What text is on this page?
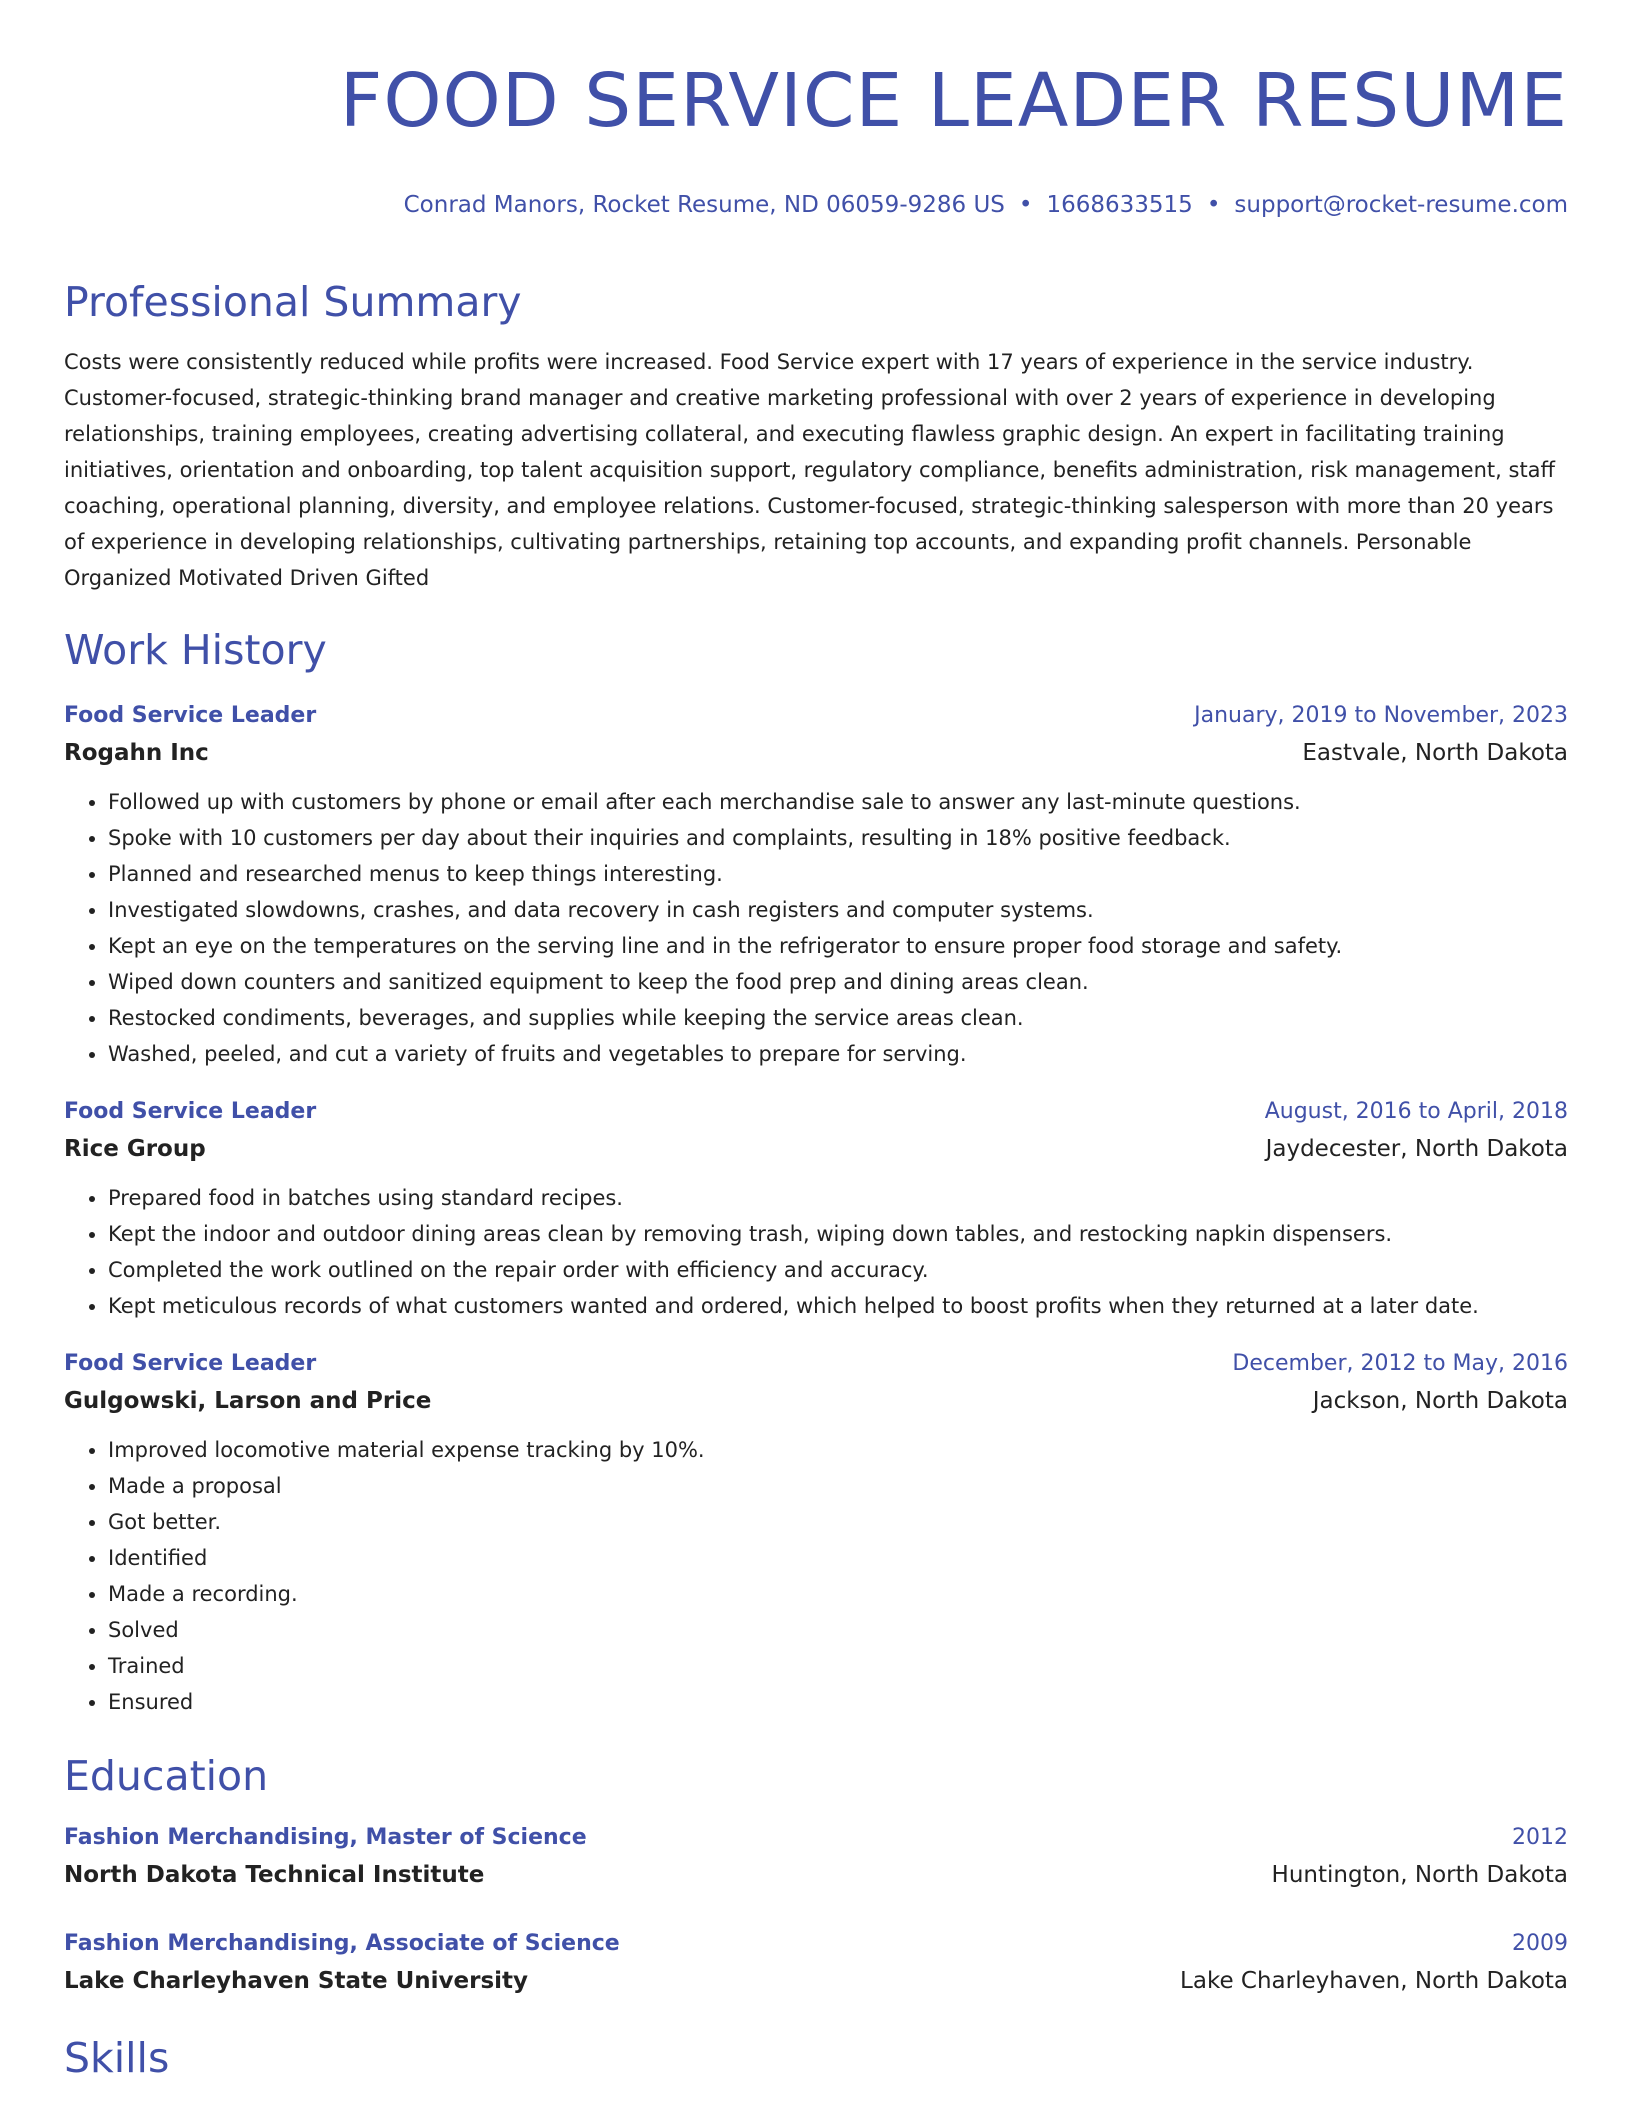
FOOD SERVICE LEADER RESUME
Conrad Manors, Rocket Resume, ND 06059-9286 US • 1668633515 • support@rocket-resume.com
Professional Summary

Costs were consistently reduced while profits were increased. Food Service expert with 17 years of experience in the service industry. Customer-focused, strategic-thinking brand manager and creative marketing professional with over 2 years of experience in developing relationships, training employees, creating advertising collateral, and executing flawless graphic design. An expert in facilitating training initiatives, orientation and onboarding, top talent acquisition support, regulatory compliance, benefits administration, risk management, staff coaching, operational planning, diversity, and employee relations. Customer-focused, strategic-thinking salesperson with more than 20 years of experience in developing relationships, cultivating partnerships, retaining top accounts, and expanding profit channels. Personable Organized Motivated Driven Gifted

Work History
Food Service Leader	January, 2019 to November, 2023
Rogahn Inc	Eastvale, North Dakota
• Followed up with customers by phone or email after each merchandise sale to answer any last-minute questions.
• Spoke with 10 customers per day about their inquiries and complaints, resulting in 18% positive feedback.
• Planned and researched menus to keep things interesting.
• Investigated slowdowns, crashes, and data recovery in cash registers and computer systems.
• Kept an eye on the temperatures on the serving line and in the refrigerator to ensure proper food storage and safety.
• Wiped down counters and sanitized equipment to keep the food prep and dining areas clean.
• Restocked condiments, beverages, and supplies while keeping the service areas clean.
• Washed, peeled, and cut a variety of fruits and vegetables to prepare for serving.
Food Service Leader	August, 2016 to April, 2018
Rice Group	Jaydecester, North Dakota
• Prepared food in batches using standard recipes.
• Kept the indoor and outdoor dining areas clean by removing trash, wiping down tables, and restocking napkin dispensers.
• Completed the work outlined on the repair order with efficiency and accuracy.
• Kept meticulous records of what customers wanted and ordered, which helped to boost profits when they returned at a later date.
Food Service Leader	December, 2012 to May, 2016
Gulgowski, Larson and Price	Jackson, North Dakota
• Improved locomotive material expense tracking by 10%.
• Made a proposal
• Got better.
• Identified
• Made a recording.
• Solved
• Trained
• Ensured
Education
Fashion Merchandising, Master of Science	2012
North Dakota Technical Institute	Huntington, North Dakota
Fashion Merchandising, Associate of Science	2009
Lake Charleyhaven State University	Lake Charleyhaven, North Dakota
Skills
